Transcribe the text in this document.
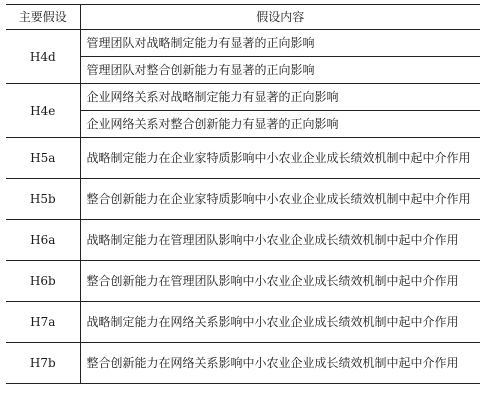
主要假设	假设内容
H4d	管理团队对战略制定能力有显著的正向影响
	管理团队对整合创新能力有显著的正向影响
H4e	企业网络关系对战略制定能力有显著的正向影响
	企业网络关系对整合创新能力有显著的正向影响
H5a	战略制定能力在企业家特质影响中小农业企业成长绩效机制中起中介作用
H5b	整合创新能力在企业家特质影响中小农业企业成长绩效机制中起中介作用
H6a	战略制定能力在管理团队影响中小农业企业成长绩效机制中起中介作用
H6b	整合创新能力在管理团队影响中小农业企业成长绩效机制中起中介作用
H7a	战略制定能力在网络关系影响中小农业企业成长绩效机制中起中介作用
H7b	整合创新能力在网络关系影响中小农业企业成长绩效机制中起中介作用
